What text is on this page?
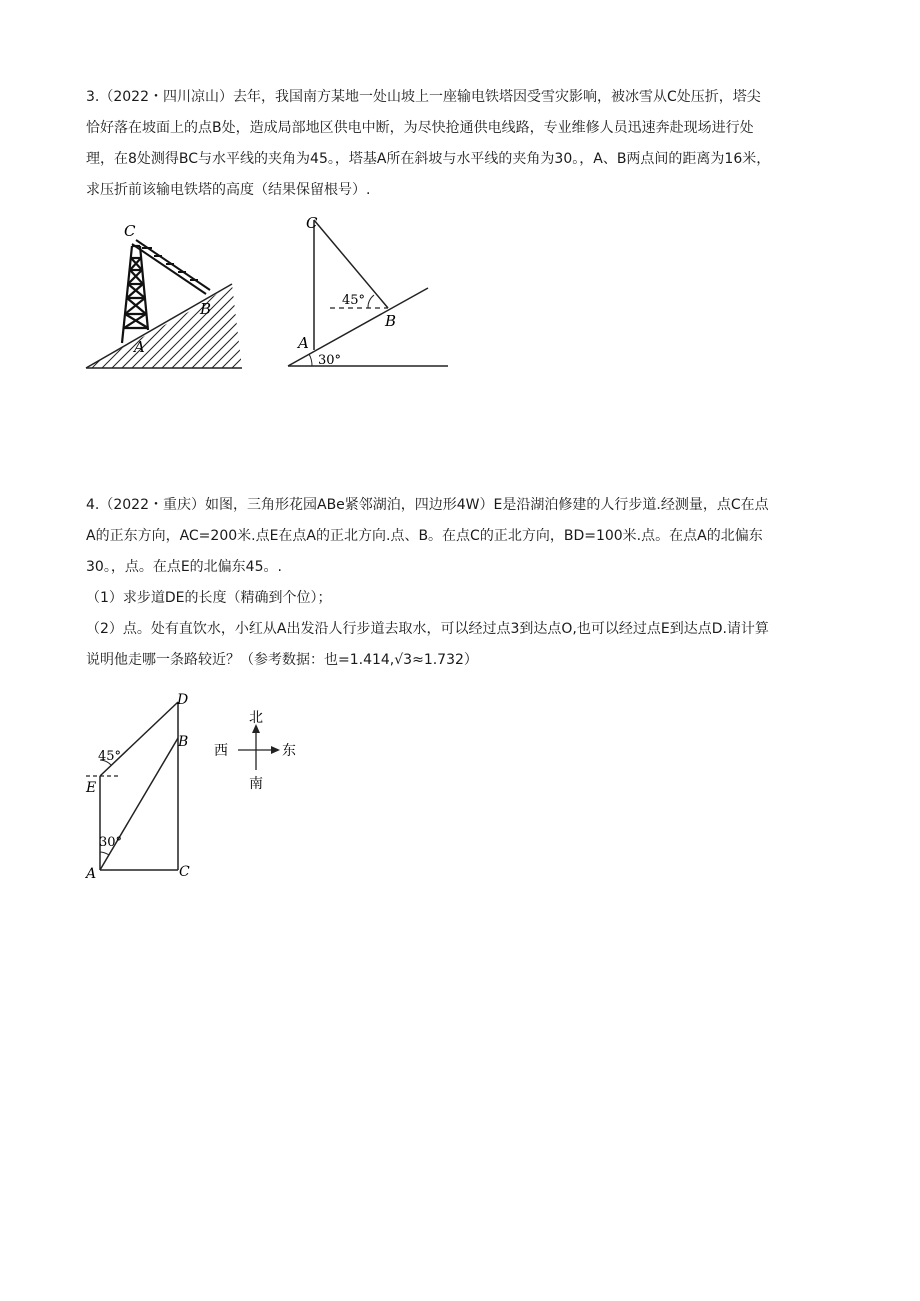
3.（2022・四川凉山）去年，我国南方某地一处山坡上一座输电铁塔因受雪灾影响，被冰雪从C处压折，塔尖

恰好落在坡面上的点B处，造成局部地区供电中断，为尽快抢通供电线路，专业维修人员迅速奔赴现场进行处

理，在8处测得BC与水平线的夹角为45。，塔基A所在斜坡与水平线的夹角为30。，A、B两点间的距离为16米，

求压折前该输电铁塔的高度（结果保留根号）.

C
B
A
C
45°
B
A
30°

4.（2022・重庆）如图，三角形花园ABe紧邻湖泊，四边形4W）E是沿湖泊修建的人行步道.经测量，点C在点

A的正东方向，AC=200米.点E在点A的正北方向.点、B。在点C的正北方向，BD=100米.点。在点A的北偏东

30。，点。在点E的北偏东45。.

（1）求步道DE的长度（精确到个位）；

（2）点。处有直饮水，小红从A出发沿人行步道去取水，可以经过点3到达点O,也可以经过点E到达点D.请计算

说明他走哪一条路较近？（参考数据：也=1.414,√3≈1.732）

D
B
45°
E
30°
A	C
北
西	东
南
